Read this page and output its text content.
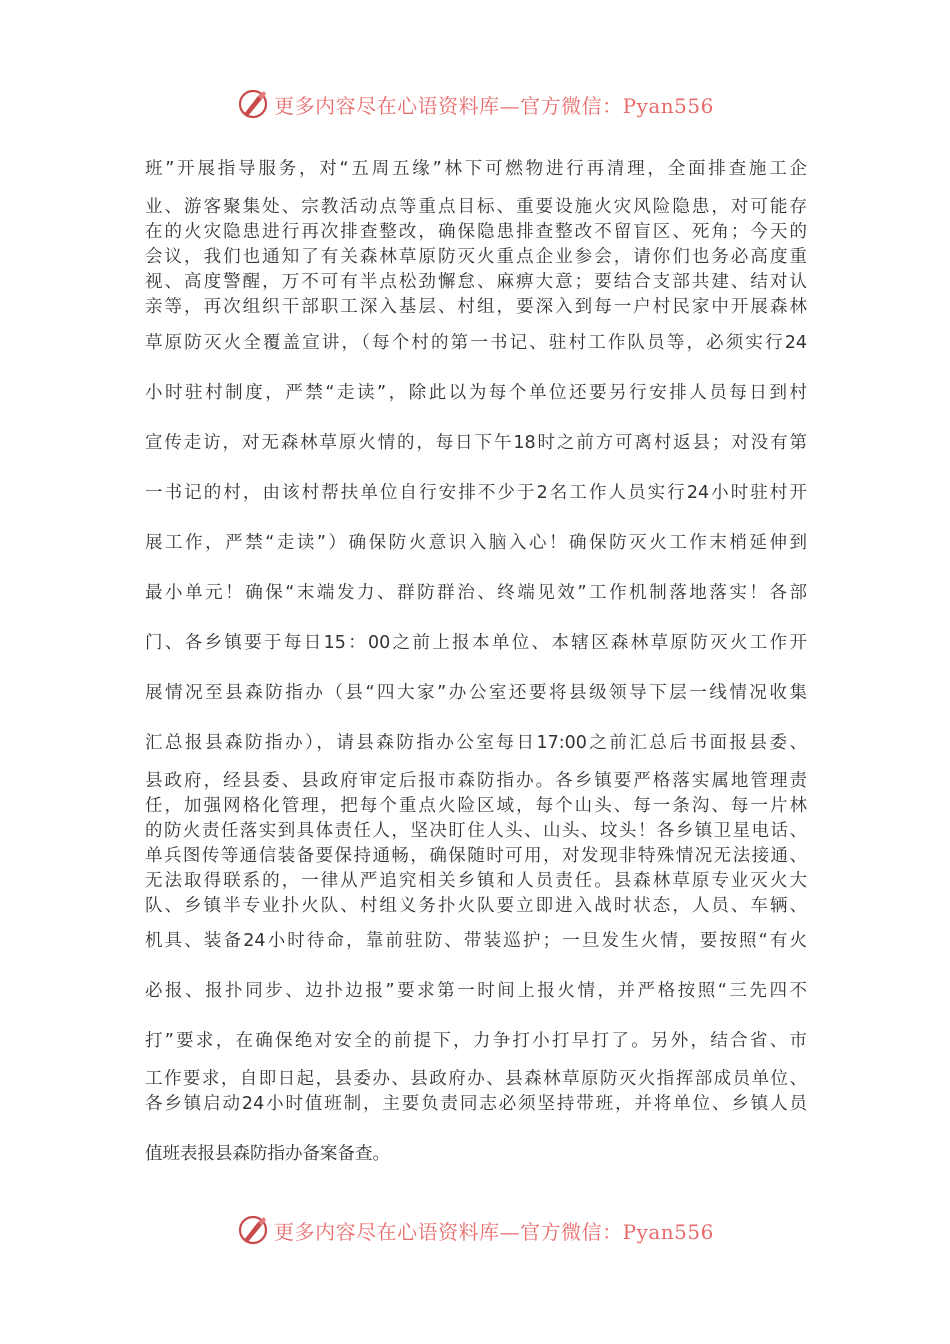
更多内容尽在心语资料库—官方微信：Pyan556
班”开展指导服务，对“五周五缘”林下可燃物进行再清理，全面排查施工企
业、游客聚集处、宗教活动点等重点目标、重要设施火灾风险隐患，对可能存
在的火灾隐患进行再次排查整改，确保隐患排查整改不留盲区、死角；今天的
会议，我们也通知了有关森林草原防灭火重点企业参会，请你们也务必高度重
视、高度警醒，万不可有半点松劲懈怠、麻痹大意；要结合支部共建、结对认
亲等，再次组织干部职工深入基层、村组，要深入到每一户村民家中开展森林
草原防灭火全覆盖宣讲，（每个村的第一书记、驻村工作队员等，必须实行24
小时驻村制度，严禁“走读”，除此以为每个单位还要另行安排人员每日到村
宣传走访，对无森林草原火情的，每日下午18时之前方可离村返县；对没有第
一书记的村，由该村帮扶单位自行安排不少于2名工作人员实行24小时驻村开
展工作，严禁“走读”）确保防火意识入脑入心！确保防灭火工作末梢延伸到
最小单元！确保“末端发力、群防群治、终端见效”工作机制落地落实！各部
门、各乡镇要于每日15：00之前上报本单位、本辖区森林草原防灭火工作开
展情况至县森防指办（县“四大家”办公室还要将县级领导下层一线情况收集
汇总报县森防指办），请县森防指办公室每日17:00之前汇总后书面报县委、
县政府，经县委、县政府审定后报市森防指办。各乡镇要严格落实属地管理责
任，加强网格化管理，把每个重点火险区域，每个山头、每一条沟、每一片林
的防火责任落实到具体责任人，坚决盯住人头、山头、坟头！各乡镇卫星电话、
单兵图传等通信装备要保持通畅，确保随时可用，对发现非特殊情况无法接通、
无法取得联系的，一律从严追究相关乡镇和人员责任。县森林草原专业灭火大
队、乡镇半专业扑火队、村组义务扑火队要立即进入战时状态，人员、车辆、
机具、装备24小时待命，靠前驻防、带装巡护；一旦发生火情，要按照“有火
必报、报扑同步、边扑边报”要求第一时间上报火情，并严格按照“三先四不
打”要求，在确保绝对安全的前提下，力争打小打早打了。另外，结合省、市
工作要求，自即日起，县委办、县政府办、县森林草原防灭火指挥部成员单位、
各乡镇启动24小时值班制，主要负责同志必须坚持带班，并将单位、乡镇人员
值班表报县森防指办备案备查。
更多内容尽在心语资料库—官方微信：Pyan556
